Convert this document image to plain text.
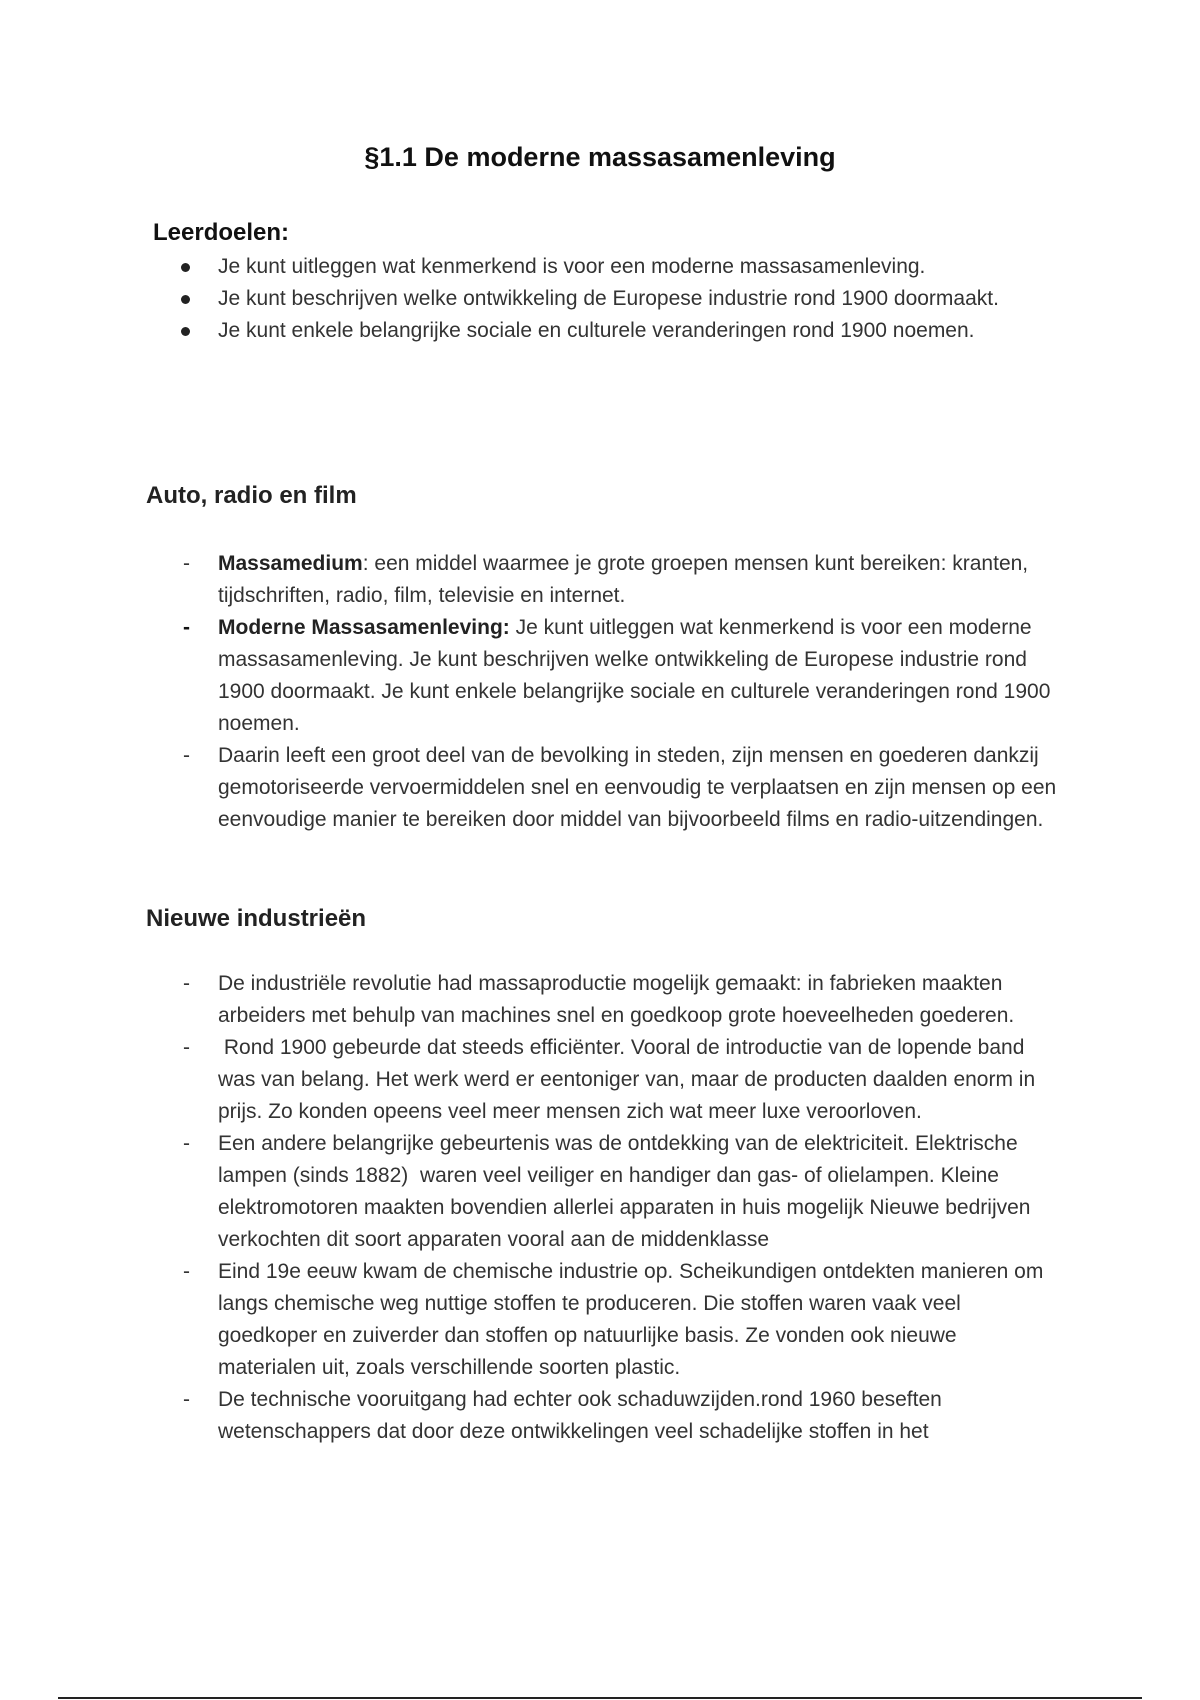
§1.1 De moderne massasamenleving
Leerdoelen:
Je kunt uitleggen wat kenmerkend is voor een moderne massasamenleving.
Je kunt beschrijven welke ontwikkeling de Europese industrie rond 1900 doormaakt.
Je kunt enkele belangrijke sociale en culturele veranderingen rond 1900 noemen.
Auto, radio en film
- Massamedium: een middel waarmee je grote groepen mensen kunt bereiken: kranten, tijdschriften, radio, film, televisie en internet.
- Moderne Massasamenleving: Je kunt uitleggen wat kenmerkend is voor een moderne massasamenleving. Je kunt beschrijven welke ontwikkeling de Europese industrie rond 1900 doormaakt. Je kunt enkele belangrijke sociale en culturele veranderingen rond 1900 noemen.
- Daarin leeft een groot deel van de bevolking in steden, zijn mensen en goederen dankzij gemotoriseerde vervoermiddelen snel en eenvoudig te verplaatsen en zijn mensen op een eenvoudige manier te bereiken door middel van bijvoorbeeld films en radio-uitzendingen.
Nieuwe industrieën
- De industriële revolutie had massaproductie mogelijk gemaakt: in fabrieken maakten arbeiders met behulp van machines snel en goedkoop grote hoeveelheden goederen.
- Rond 1900 gebeurde dat steeds efficiënter. Vooral de introductie van de lopende band was van belang. Het werk werd er eentoniger van, maar de producten daalden enorm in prijs. Zo konden opeens veel meer mensen zich wat meer luxe veroorloven.
- Een andere belangrijke gebeurtenis was de ontdekking van de elektriciteit. Elektrische lampen (sinds 1882)  waren veel veiliger en handiger dan gas- of olielampen. Kleine elektromotoren maakten bovendien allerlei apparaten in huis mogelijk Nieuwe bedrijven verkochten dit soort apparaten vooral aan de middenklasse
- Eind 19e eeuw kwam de chemische industrie op. Scheikundigen ontdekten manieren om langs chemische weg nuttige stoffen te produceren. Die stoffen waren vaak veel goedkoper en zuiverder dan stoffen op natuurlijke basis. Ze vonden ook nieuwe materialen uit, zoals verschillende soorten plastic.
- De technische vooruitgang had echter ook schaduwzijden.rond 1960 beseften wetenschappers dat door deze ontwikkelingen veel schadelijke stoffen in het
